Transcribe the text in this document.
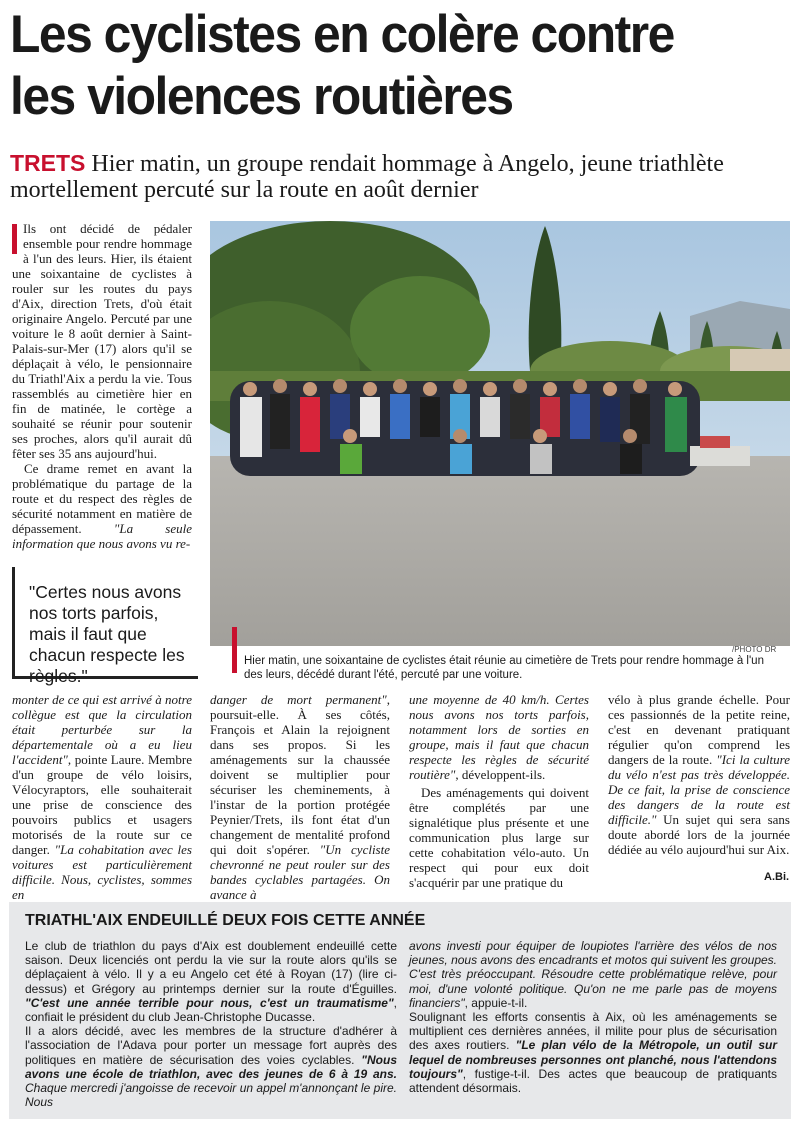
Les cyclistes en colère contre
les violences routières
TRETS Hier matin, un groupe rendait hommage à Angelo, jeune triathlète mortellement percuté sur la route en août dernier

Ils ont décidé de pédaler ensemble pour rendre hommage à l'un des leurs. Hier, ils étaient une soixantaine de cyclistes à rouler sur les routes du pays d'Aix, direction Trets, d'où était originaire Angelo. Percuté par une voiture le 8 août dernier à Saint-Palais-sur-Mer (17) alors qu'il se déplaçait à vélo, le pensionnaire du Triathl'Aix a perdu la vie. Tous rassemblés au cimetière hier en fin de matinée, le cortège a souhaité se réunir pour soutenir ses proches, alors qu'il aurait dû fêter ses 35 ans aujourd'hui.

Ce drame remet en avant la problématique du partage de la route et du respect des règles de sécurité notamment en matière de dépassement. "La seule information que nous avons vu re-

"Certes nous avons nos torts parfois, mais il faut que chacun respecte les règles."
/PHOTO DR
Hier matin, une soixantaine de cyclistes était réunie au cimetière de Trets pour rendre hommage à l'un des leurs, décédé durant l'été, percuté par une voiture.

monter de ce qui est arrivé à notre collègue est que la circulation était perturbée sur la départementale où a eu lieu l'accident", pointe Laure. Membre d'un groupe de vélo loisirs, Vélocyraptors, elle souhaiterait une prise de conscience des pouvoirs publics et usagers motorisés de la route sur ce danger. "La cohabitation avec les voitures est particulièrement difficile. Nous, cyclistes, sommes en

danger de mort permanent", poursuit-elle. À ses côtés, François et Alain la rejoignent dans ses propos. Si les aménagements sur la chaussée doivent se multiplier pour sécuriser les cheminements, à l'instar de la portion protégée Peynier/Trets, ils font état d'un changement de mentalité profond qui doit s'opérer. "Un cycliste chevronné ne peut rouler sur des bandes cyclables partagées. On avance à

une moyenne de 40 km/h. Certes nous avons nos torts parfois, notamment lors de sorties en groupe, mais il faut que chacun respecte les règles de sécurité routière", développent-ils.

Des aménagements qui doivent être complétés par une signalétique plus présente et une communication plus large sur cette cohabitation vélo-auto. Un respect qui pour eux doit s'acquérir par une pratique du

vélo à plus grande échelle. Pour ces passionnés de la petite reine, c'est en devenant pratiquant régulier qu'on comprend les dangers de la route. "Ici la culture du vélo n'est pas très développée. De ce fait, la prise de conscience des dangers de la route est difficile." Un sujet qui sera sans doute abordé lors de la journée dédiée au vélo aujourd'hui sur Aix.

A.Bi.
TRIATHL'AIX ENDEUILLÉ DEUX FOIS CETTE ANNÉE

Le club de triathlon du pays d'Aix est doublement endeuillé cette saison. Deux licenciés ont perdu la vie sur la route alors qu'ils se déplaçaient à vélo. Il y a eu Angelo cet été à Royan (17) (lire ci-dessus) et Grégory au printemps dernier sur la route d'Éguilles. "C'est une année terrible pour nous, c'est un traumatisme", confiait le président du club Jean-Christophe Ducasse.

Il a alors décidé, avec les membres de la structure d'adhérer à l'association de l'Adava pour porter un message fort auprès des politiques en matière de sécurisation des voies cyclables. "Nous avons une école de triathlon, avec des jeunes de 6 à 19 ans. Chaque mercredi j'angoisse de recevoir un appel m'annonçant le pire. Nous

avons investi pour équiper de loupiotes l'arrière des vélos de nos jeunes, nous avons des encadrants et motos qui suivent les groupes. C'est très préoccupant. Résoudre cette problématique relève, pour moi, d'une volonté politique. Qu'on ne me parle pas de moyens financiers", appuie-t-il.

Soulignant les efforts consentis à Aix, où les aménagements se multiplient ces dernières années, il milite pour plus de sécurisation des axes routiers. "Le plan vélo de la Métropole, un outil sur lequel de nombreuses personnes ont planché, nous l'attendons toujours", fustige-t-il. Des actes que beaucoup de pratiquants attendent désormais.
